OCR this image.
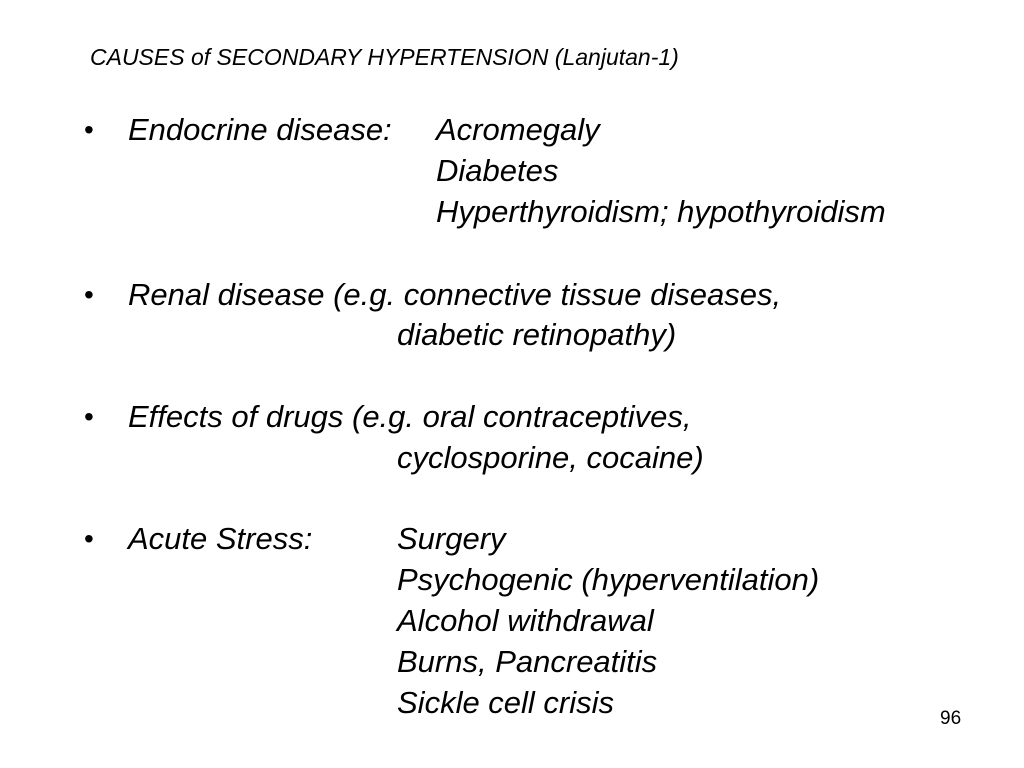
CAUSES of SECONDARY HYPERTENSION (Lanjutan-1)
• Endocrine disease: Acromegaly
Diabetes
Hyperthyroidism; hypothyroidism
• Renal disease (e.g. connective tissue diseases,
diabetic retinopathy)
• Effects of drugs (e.g. oral contraceptives,
cyclosporine, cocaine)
• Acute Stress:	Surgery
Psychogenic (hyperventilation)
Alcohol withdrawal
Burns, Pancreatitis
Sickle cell crisis	96
